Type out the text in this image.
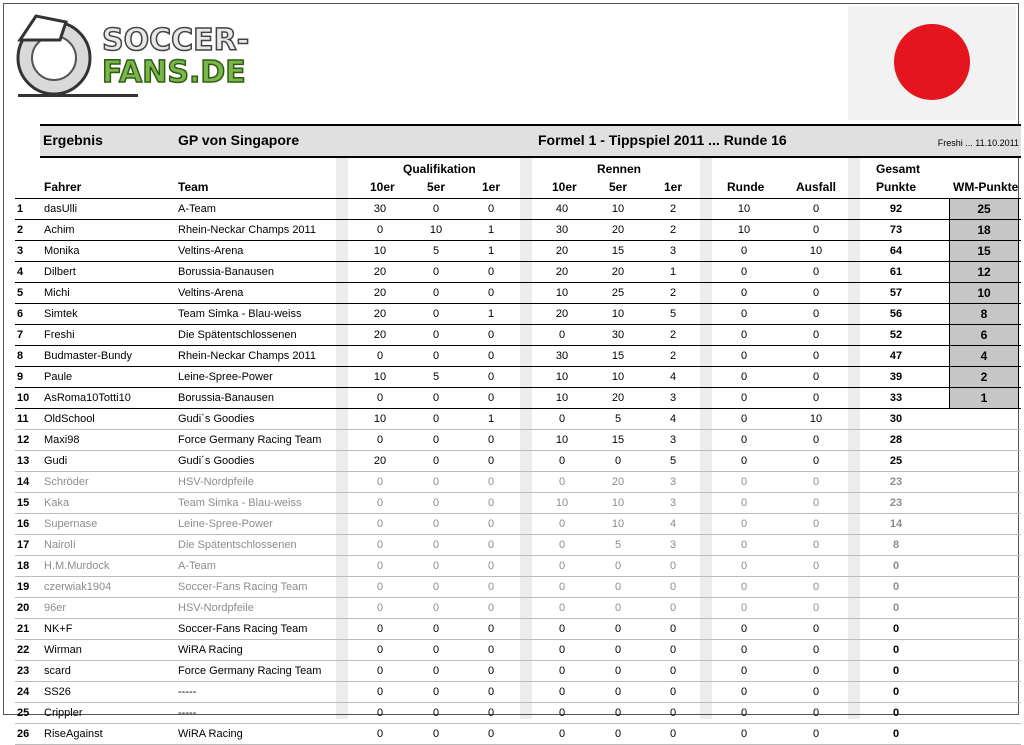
SOCCER-
FANS.DE
Ergebnis	GP von Singapore	Formel 1 - Tippspiel 2011 ... Runde 16	Freshi ... 11.10.2011
Qualifikation	Rennen	Gesamt
Fahrer	Team	10er	5er	1er	10er	5er	1er	Runde	Ausfall	Punkte	WM-Punkte
1 dasUlli	A-Team	30	0	0	40	10	2	10	0	92	25
2 Achim	Rhein-Neckar Champs 2011	0	10	1	30	20	2	10	0	73	18
3 Monika	Veltins-Arena	10	5	1	20	15	3	0	10	64	15
4 Dilbert	Borussia-Banausen	20	0	0	20	20	1	0	0	61	12
5 Michi	Veltins-Arena	20	0	0	10	25	2	0	0	57	10
6 Simtek	Team Simka - Blau-weiss	20	0	1	20	10	5	0	0	56	8
7 Freshi	Die Spätentschlossenen	20	0	0	0	30	2	0	0	52	6
8 Budmaster-Bundy	Rhein-Neckar Champs 2011	0	0	0	30	15	2	0	0	47	4
9 Paule	Leine-Spree-Power	10	5	0	10	10	4	0	0	39	2
10 AsRoma10Totti10	Borussia-Banausen	0	0	0	10	20	3	0	0	33	1
11 OldSchool	Gudi´s Goodies	10	0	1	0	5	4	0	10	30
12 Maxi98	Force Germany Racing Team	0	0	0	10	15	3	0	0	28
13 Gudi	Gudi´s Goodies	20	0	0	0	0	5	0	0	25
14 Schröder	HSV-Nordpfeile	0	0	0	0	20	3	0	0	23
15 Kaka	Team Simka - Blau-weiss	0	0	0	10	10	3	0	0	23
16 Supernase	Leine-Spree-Power	0	0	0	0	10	4	0	0	14
17 Nairolí	Die Spätentschlossenen	0	0	0	0	5	3	0	0	8
18 H.M.Murdock	A-Team	0	0	0	0	0	0	0	0	0
19 czerwiak1904	Soccer-Fans Racing Team	0	0	0	0	0	0	0	0	0
20 96er	HSV-Nordpfeile	0	0	0	0	0	0	0	0	0
21 NK+F	Soccer-Fans Racing Team	0	0	0	0	0	0	0	0	0
22 Wirman	WiRA Racing	0	0	0	0	0	0	0	0	0
23 scard	Force Germany Racing Team	0	0	0	0	0	0	0	0	0
24 SS26	-----	0	0	0	0	0	0	0	0	0
25 Crippler	-----	0	0	0	0	0	0	0	0	0
26 RiseAgainst	WiRA Racing	0	0	0	0	0	0	0	0	0
